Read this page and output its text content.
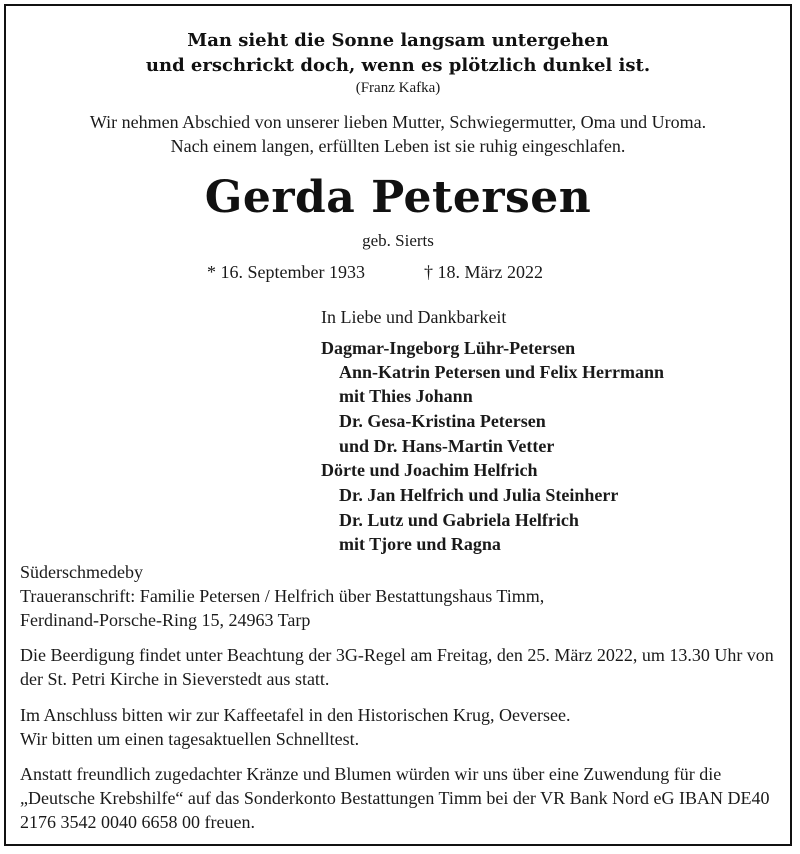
Man sieht die Sonne langsam untergehen
und erschrickt doch, wenn es plötzlich dunkel ist.
(Franz Kafka)
Wir nehmen Abschied von unserer lieben Mutter, Schwiegermutter, Oma und Uroma.
Nach einem langen, erfüllten Leben ist sie ruhig eingeschlafen.
Gerda Petersen
geb. Sierts
* 16. September 1933	† 18. März 2022
In Liebe und Dankbarkeit
Dagmar-Ingeborg Lühr-Petersen
Ann-Katrin Petersen und Felix Herrmann
mit Thies Johann
Dr. Gesa-Kristina Petersen
und Dr. Hans-Martin Vetter
Dörte und Joachim Helfrich
Dr. Jan Helfrich und Julia Steinherr
Dr. Lutz und Gabriela Helfrich
mit Tjore und Ragna
Süderschmedeby
Traueranschrift: Familie Petersen / Helfrich über Bestattungshaus Timm,
Ferdinand-Porsche-Ring 15, 24963 Tarp
Die Beerdigung findet unter Beachtung der 3G-Regel am Freitag, den 25. März 2022, um 13.30 Uhr von der St. Petri Kirche in Sieverstedt aus statt.
Im Anschluss bitten wir zur Kaffeetafel in den Historischen Krug, Oeversee.
Wir bitten um einen tagesaktuellen Schnelltest.
Anstatt freundlich zugedachter Kränze und Blumen würden wir uns über eine Zuwendung für die „Deutsche Krebshilfe“ auf das Sonderkonto Bestattungen Timm bei der VR Bank Nord eG IBAN DE40 2176 3542 0040 6658 00 freuen.
